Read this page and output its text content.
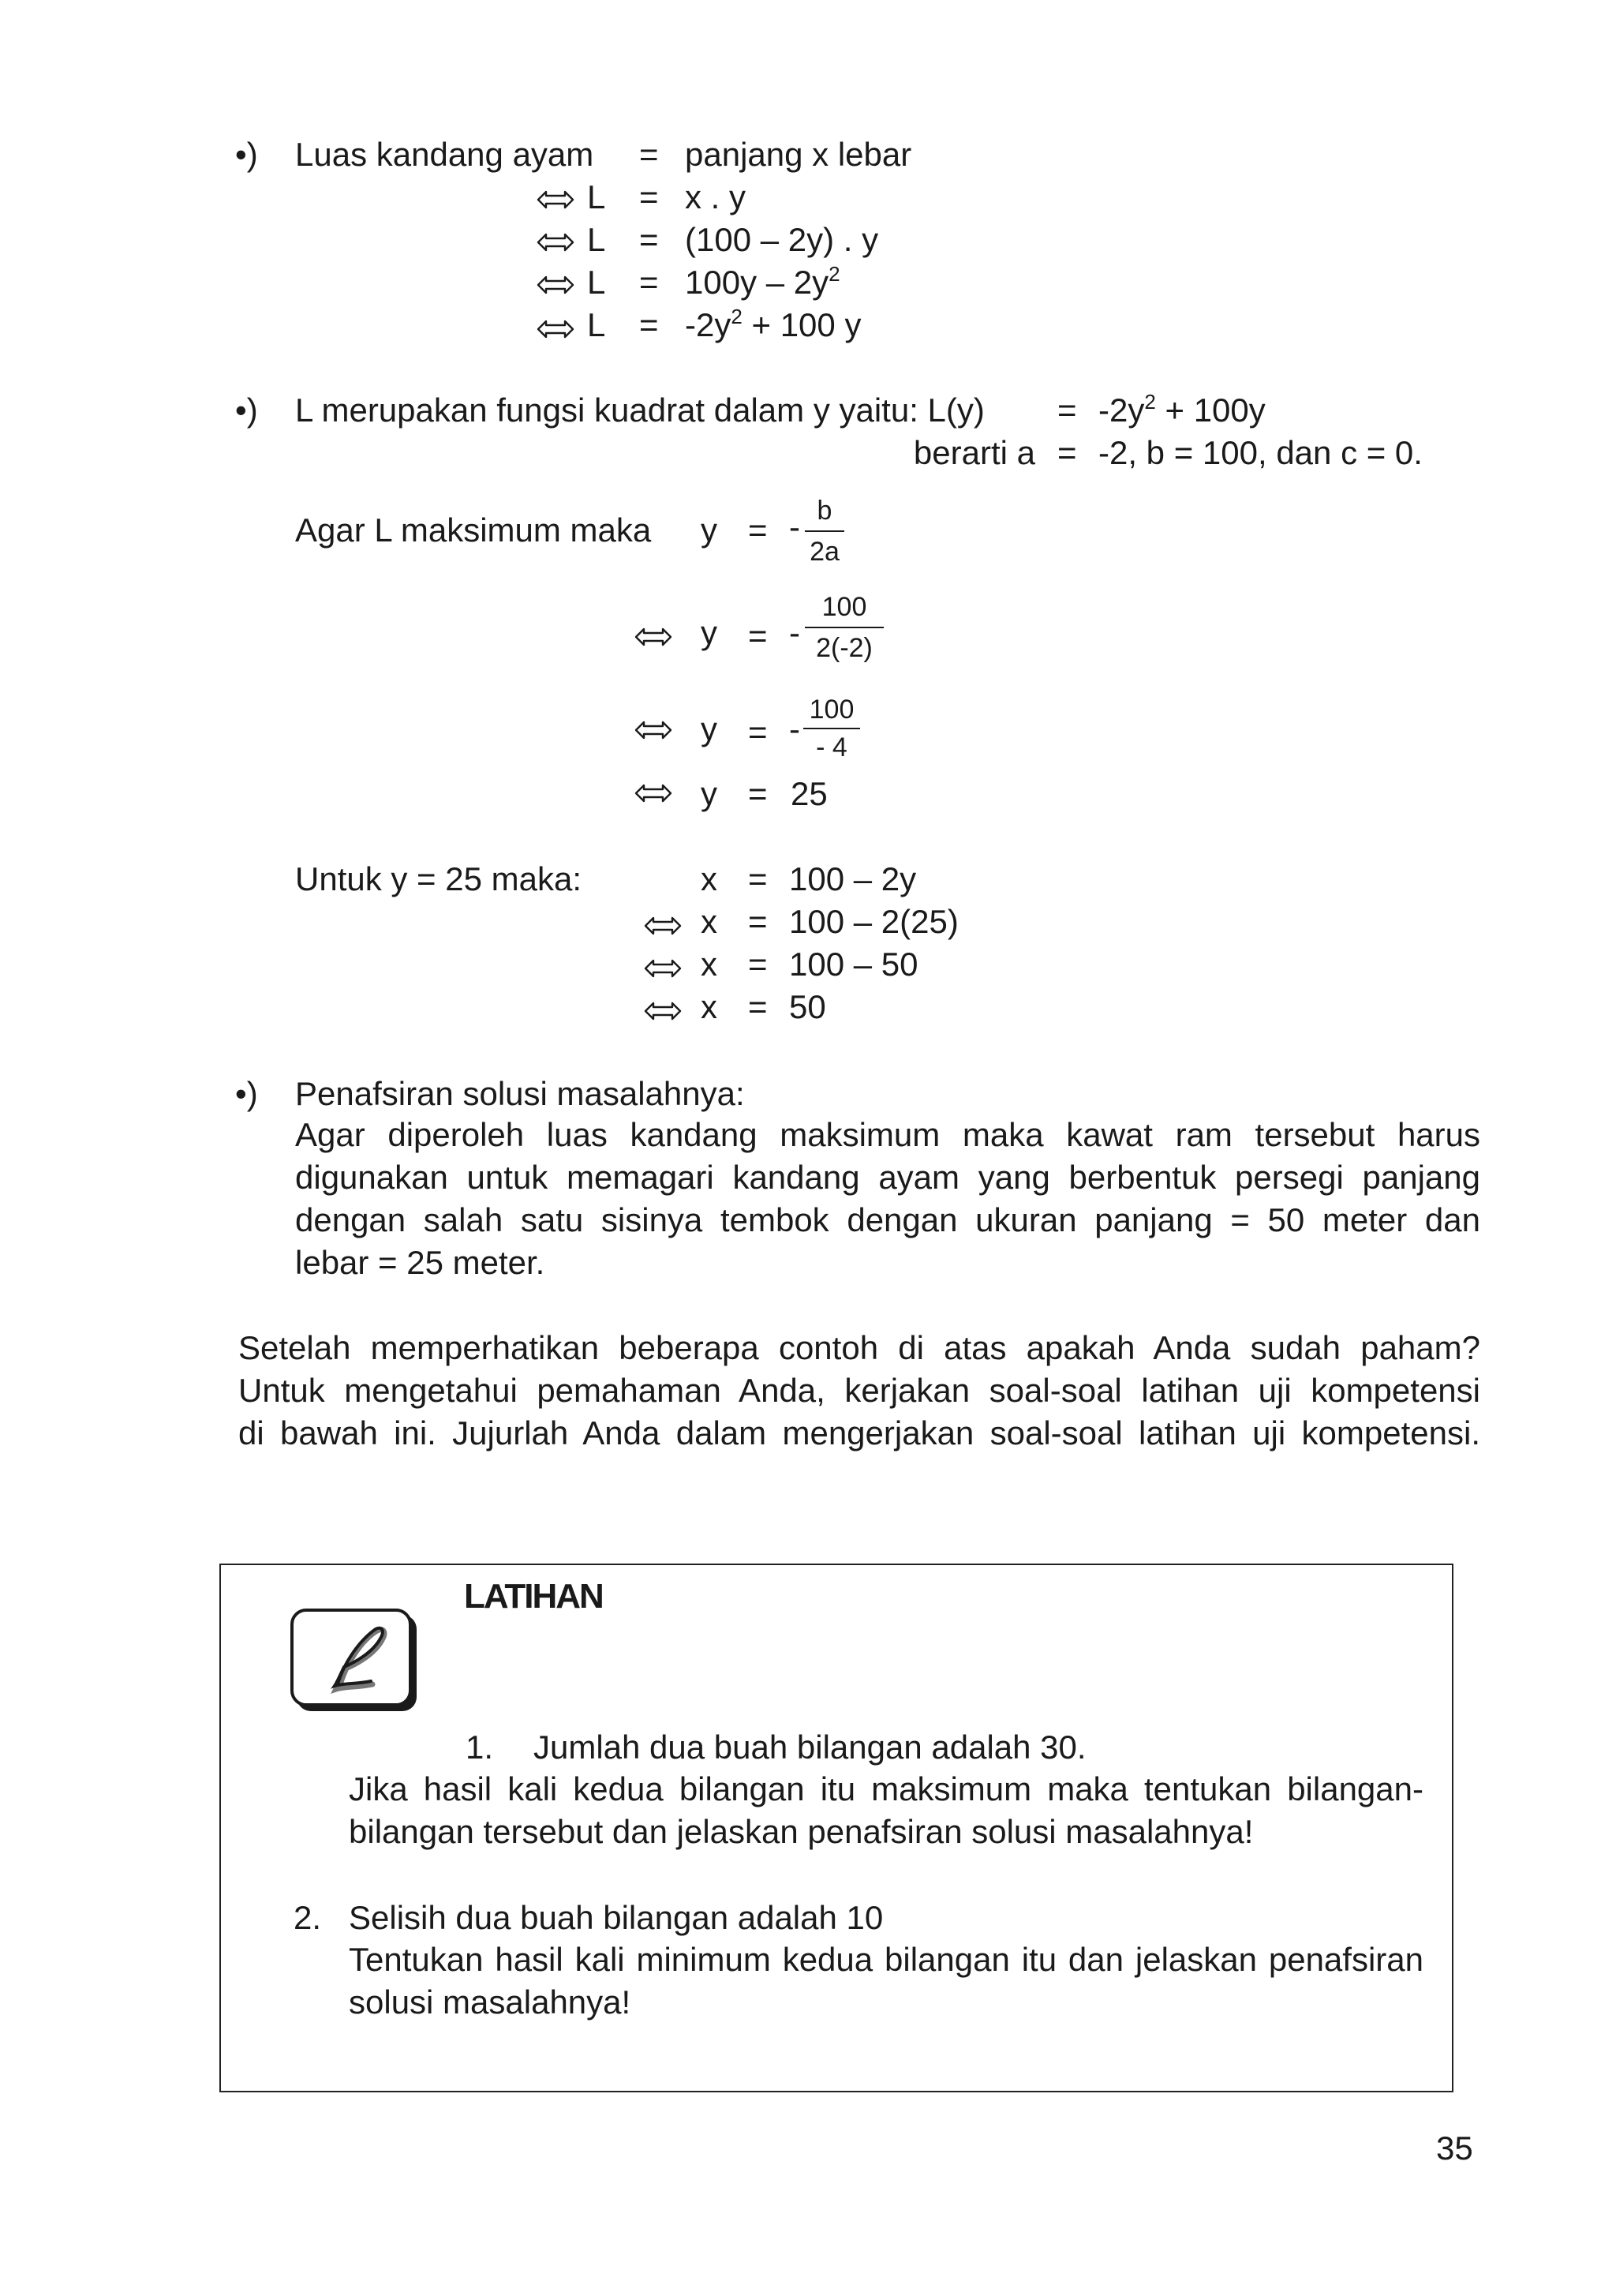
•) Luas kandang ayam = panjang x lebar
L = x . y
L = (100 – 2y) . y
$L = 100y - 2y^2$
$L = -2y^2 + 100$ y
•) L merupakan fungsi kuadrat dalam y yaitu: $L(y) = -2y^2 + 100y$
berarti a = -2, b = 100, dan c = 0.
Agar L maksimum maka y = - b
2a
y = -
100
2(-2)
y = -
100
- 4
y = 25
Untuk y = 25 maka:	x = 100 – 2y
x = 100 – 2(25)
x = 100 – 50
x = 50
•) Penafsiran solusi masalahnya:
Agar diperoleh luas kandang maksimum maka kawat ram tersebut harus
digunakan untuk memagari kandang ayam yang berbentuk persegi panjang
dengan salah satu sisinya tembok dengan ukuran panjang = 50 meter dan
lebar = 25 meter.
Setelah memperhatikan beberapa contoh di atas apakah Anda sudah paham?
Untuk mengetahui pemahaman Anda, kerjakan soal-soal latihan uji kompetensi
di bawah ini. Jujurlah Anda dalam mengerjakan soal-soal latihan uji kompetensi.
LATIHAN
1. Jumlah dua buah bilangan adalah 30.
Jika hasil kali kedua bilangan itu maksimum maka tentukan bilangan-
bilangan tersebut dan jelaskan penafsiran solusi masalahnya!
2. Selisih dua buah bilangan adalah 10
Tentukan hasil kali minimum kedua bilangan itu dan jelaskan penafsiran
solusi masalahnya!
35
